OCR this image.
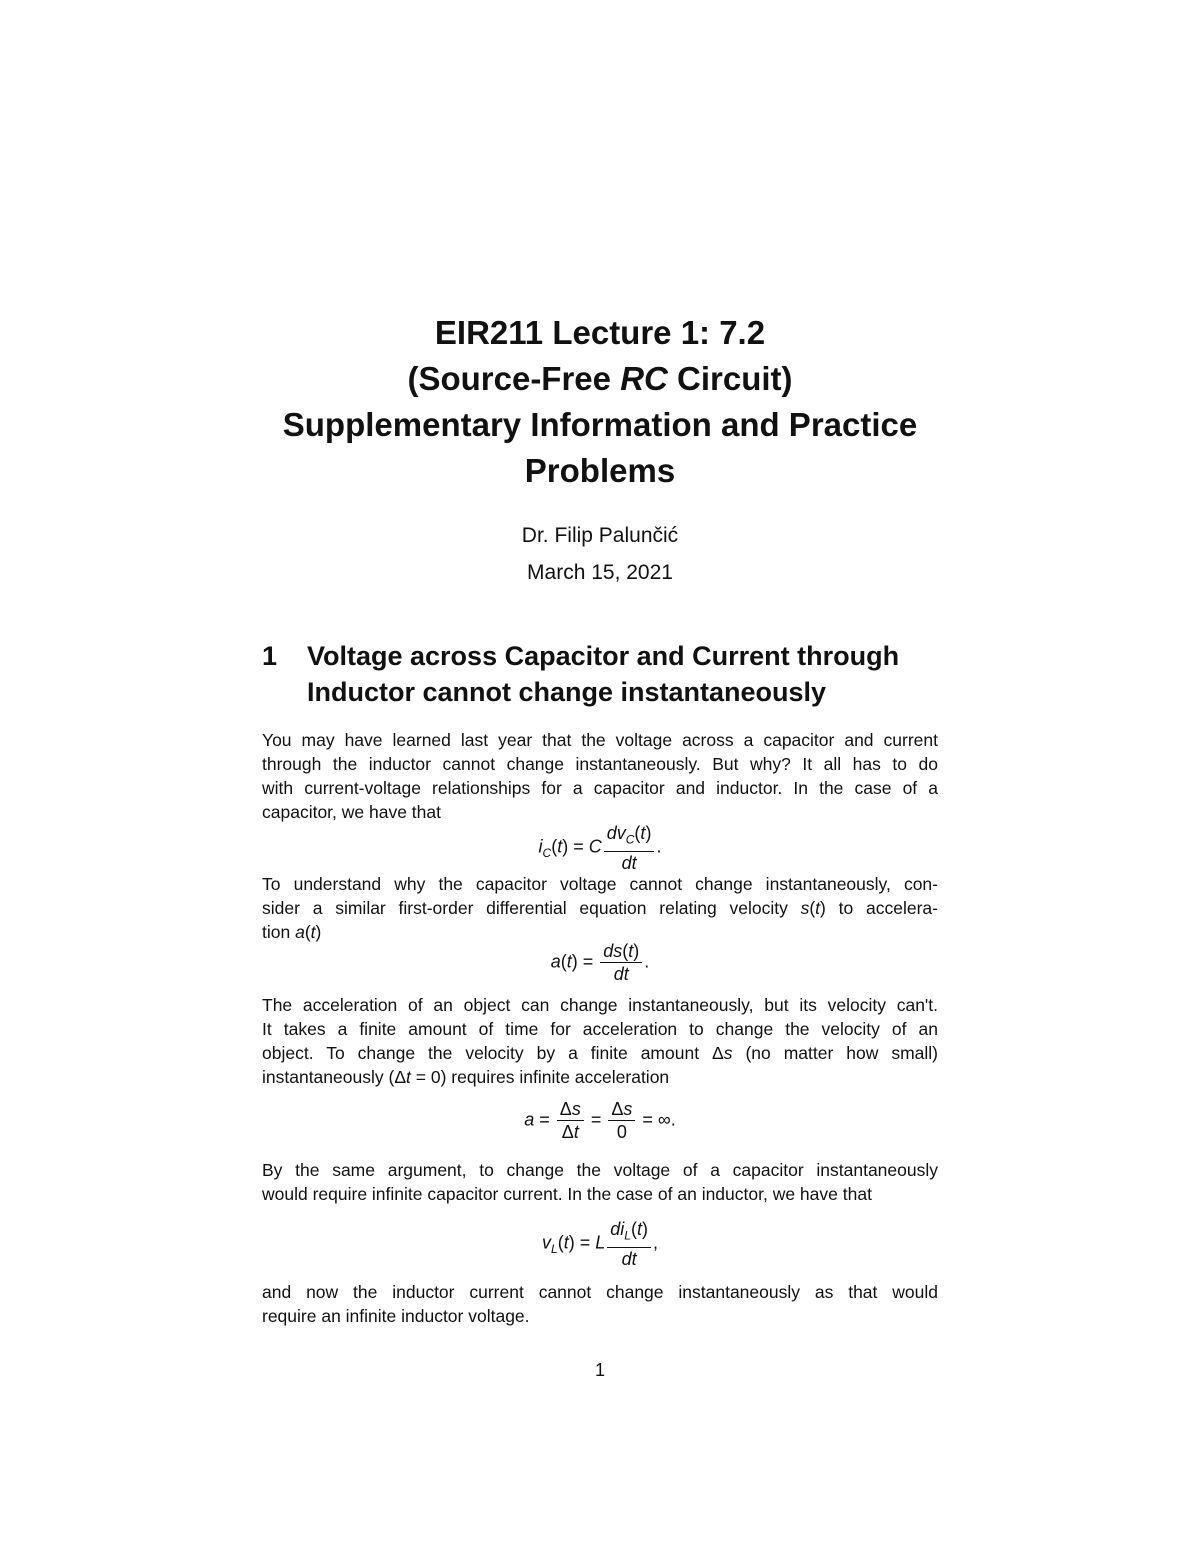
EIR211 Lecture 1: 7.2
(Source-Free RC Circuit)
Supplementary Information and Practice
Problems
Dr. Filip Palunčić
March 15, 2021
1 Voltage across Capacitor and Current through
Inductor cannot change instantaneously
You may have learned last year that the voltage across a capacitor and current
through the inductor cannot change instantaneously. But why? It all has to do
with current-voltage relationships for a capacitor and inductor. In the case of a
capacitor, we have that
$i_C(t) = C \frac{dv_C(t)}{dt}$ .
To understand why the capacitor voltage cannot change instantaneously, con-
sider a similar first-order differential equation relating velocity s(t) to accelera-
tion a(t)
$a(t) = \frac{ds(t)}{dt}$ .
The acceleration of an object can change instantaneously, but its velocity can't.
It takes a finite amount of time for acceleration to change the velocity of an
object. To change the velocity by a finite amount Δs (no matter how small)
instantaneously (Δt = 0) requires infinite acceleration
$a = \frac{\Delta s}{\Delta t} = \frac{\Delta s}{0}$ = ∞.
By the same argument, to change the voltage of a capacitor instantaneously
would require infinite capacitor current. In the case of an inductor, we have that
$v_L(t) = L \frac{di_L(t)}{dt}$ ,
and now the inductor current cannot change instantaneously as that would
require an infinite inductor voltage.
1
